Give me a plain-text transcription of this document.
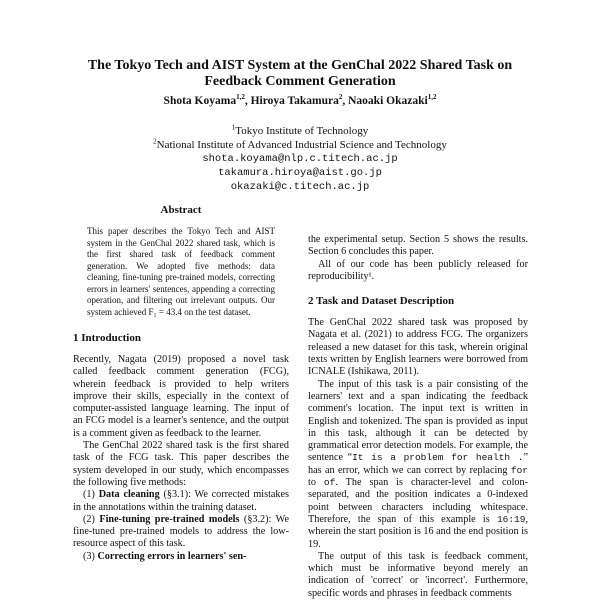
The Tokyo Tech and AIST System at the GenChal 2022 Shared Task on
Feedback Comment Generation
Shota Koyama$^{1,2}$, Hiroya Takamura$^2$, Naoaki Okazaki$^{1,2}$
$^1$Tokyo Institute of Technology
$^2$National Institute of Advanced Industrial Science and Technology
shota.koyama@nlp.c.titech.ac.jp
takamura.hiroya@aist.go.jp
okazaki@c.titech.ac.jp
Abstract
This paper describes the Tokyo Tech and AIST system in the GenChal 2022 shared task, which is the first shared task of feedback comment generation. We adopted five methods: data cleaning, fine-tuning pre-trained models, correcting errors in learners' sentences, appending a correcting operation, and filtering out irrelevant outputs. Our system achieved F₁ = 43.4 on the test dataset.
1 Introduction

Recently, Nagata (2019) proposed a novel task called feedback comment generation (FCG), wherein feedback is provided to help writers improve their skills, especially in the context of computer-assisted language learning. The input of an FCG model is a learner's sentence, and the output is a comment given as feedback to the learner.

The GenChal 2022 shared task is the first shared task of the FCG task. This paper describes the system developed in our study, which encompasses the following five methods:

(1) Data cleaning (§3.1): We corrected mistakes in the annotations within the training dataset.

(2) Fine-tuning pre-trained models (§3.2): We fine-tuned pre-trained models to address the low-resource aspect of this task.

(3) Correcting errors in learners' sen-

the experimental setup. Section 5 shows the results. Section 6 concludes this paper.

All of our code has been publicly released for reproducibility¹.

2 Task and Dataset Description

The GenChal 2022 shared task was proposed by Nagata et al. (2021) to address FCG. The organizers released a new dataset for this task, wherein original texts written by English learners were borrowed from ICNALE (Ishikawa, 2011).

The input of this task is a pair consisting of the learners' text and a span indicating the feedback comment's location. The input text is written in English and tokenized. The span is provided as input in this task, although it can be detected by grammatical error detection models. For example, the sentence “It is a problem for health .” has an error, which we can correct by replacing for to of. The span is character-level and colon-separated, and the position indicates a 0-indexed point between characters including whitespace. Therefore, the span of this example is 16:19, wherein the start position is 16 and the end position is 19.

The output of this task is feedback comment, which must be informative beyond merely an indication of 'correct' or 'incorrect'. Furthermore, specific words and phrases in feedback comments
